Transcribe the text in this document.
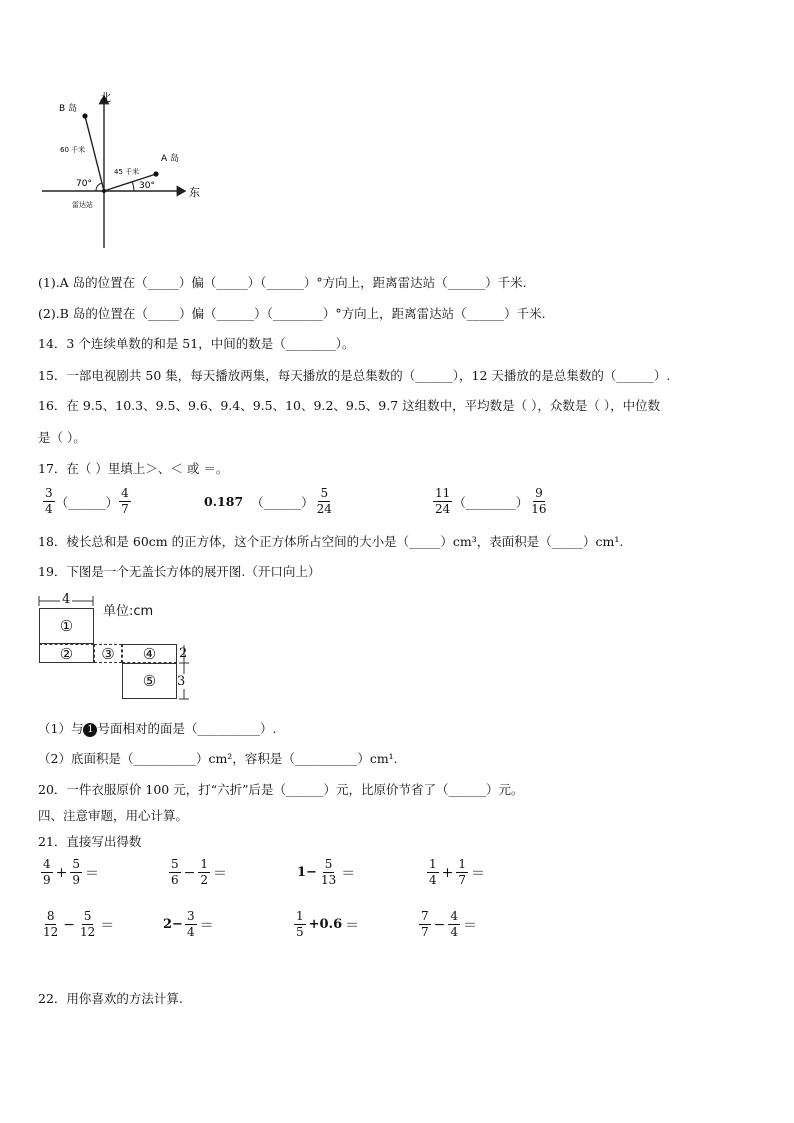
北
东
B 岛
A 岛
60 千米
45 千米
70°	30°
雷达站
(1).A 岛的位置在（_____）偏（_____）（______）°方向上，距离雷达站（______）千米.
(2).B 岛的位置在（_____）偏（______）（________）°方向上，距离雷达站（______）千米.
14．3 个连续单数的和是 51，中间的数是（________）。
15．一部电视剧共 50 集，每天播放两集，每天播放的是总集数的（______），12 天播放的是总集数的（______）.
16．在 9.5、10.3、9.5、9.6、9.4、9.5、10、9.2、9.5、9.7 这组数中，平均数是（ ），众数是（ ），中位数
是（ ）。
17．在（ ）里填上＞、＜ 或 ＝。
$\frac{3}{4}$ （______） $\frac{4}{7}$	0.187 （______） $\frac{5}{24}$	$\frac{11}{24}$ （________） $\frac{9}{16}$
18．棱长总和是 60cm 的正方体，这个正方体所占空间的大小是（_____）cm³，表面积是（_____）cm¹.
19．下图是一个无盖长方体的展开图.（开口向上）
4
单位:cm
①
②	③	④
⑤
2
3
（1）与 1 号面相对的面是（__________）.
（2）底面积是（__________）cm²，容积是（__________）cm¹.
20．一件衣服原价 100 元，打“六折”后是（______）元，比原价节省了（______）元。
四、注意审题，用心计算。
21．直接写出得数
$\frac{4}{9} + \frac{5}{9}$ ＝	$\frac{5}{6} - \frac{1}{2}$ ＝	$1- \frac{5}{13}$ ＝	$\frac{1}{4} + \frac{1}{7}$ ＝
$\frac{8}{12} - \frac{5}{12}$ ＝	$2- \frac{3}{4}$ ＝	$\frac{1}{5} +0.6$ ＝	$\frac{7}{7} - \frac{4}{4}$ ＝
22．用你喜欢的方法计算.
